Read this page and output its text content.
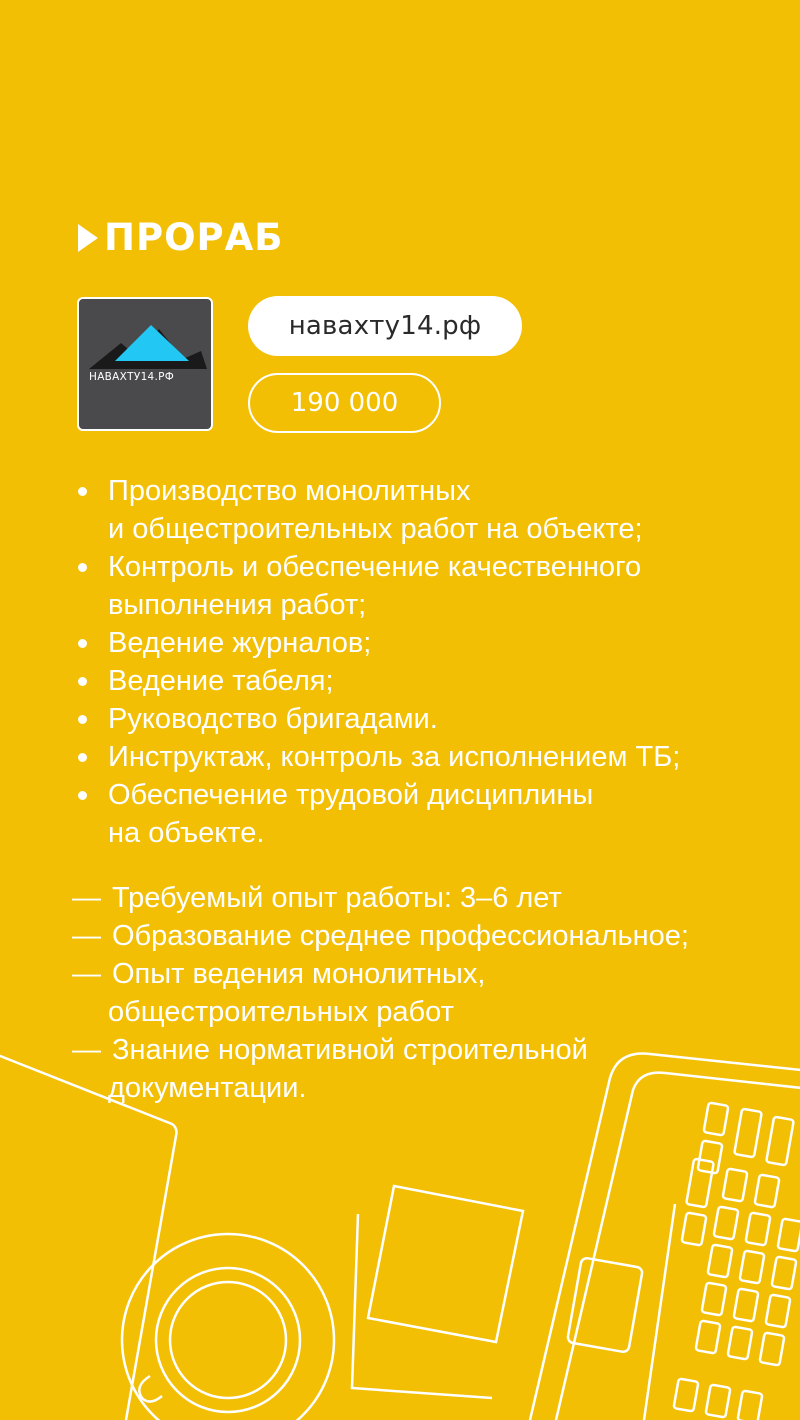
ПРОРАБ
НАВАХТУ14.РФ
навахту14.рф
190 000
Производство монолитных
и общестроительных работ на объекте;
Контроль и обеспечение качественного
выполнения работ;
Ведение журналов;
Ведение табеля;
Руководство бригадами.
Инструктаж, контроль за исполнением ТБ;
Обеспечение трудовой дисциплины
на объекте.
— Требуемый опыт работы: 3–6 лет
— Образование среднее профессиональное;
— Опыт ведения монолитных,
общестроительных работ
— Знание нормативной строительной
документации.
